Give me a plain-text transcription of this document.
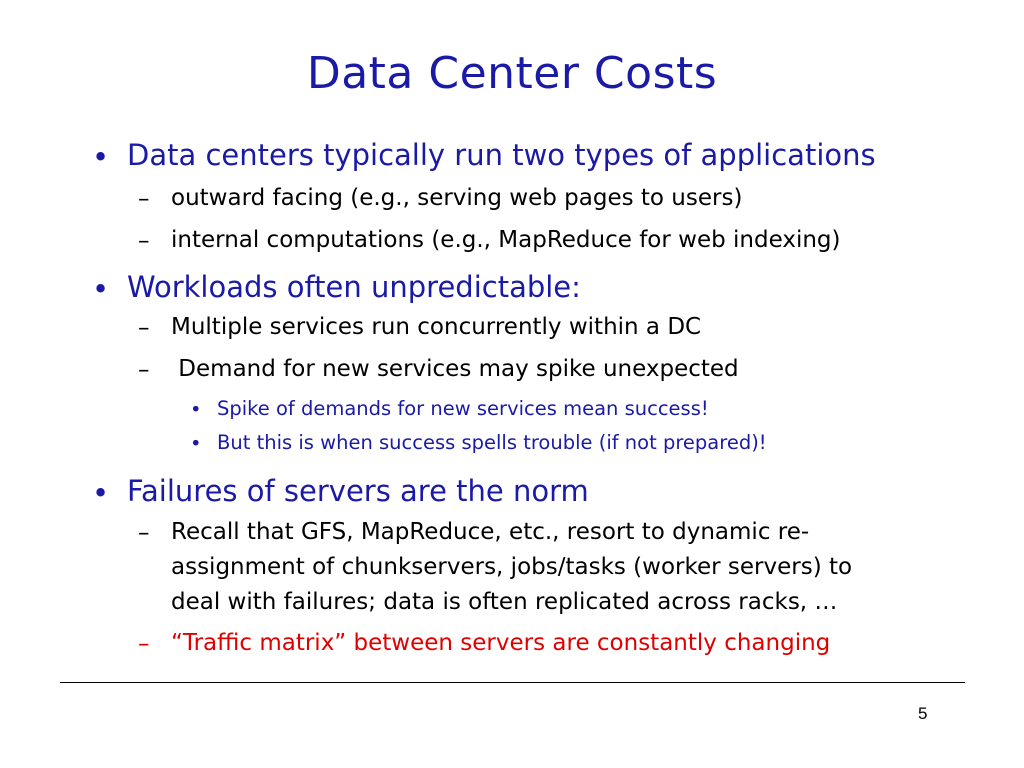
Data Center Costs
• Data centers typically run two types of applications
– outward facing (e.g., serving web pages to users)
– internal computations (e.g., MapReduce for web indexing)
• Workloads often unpredictable:
– Multiple services run concurrently within a DC
– Demand for new services may spike unexpected
• Spike of demands for new services mean success!
• But this is when success spells trouble (if not prepared)!
• Failures of servers are the norm
– Recall that GFS, MapReduce, etc., resort to dynamic re-
assignment of chunkservers, jobs/tasks (worker servers) to
deal with failures; data is often replicated across racks, …
– “Traffic matrix” between servers are constantly changing
5
